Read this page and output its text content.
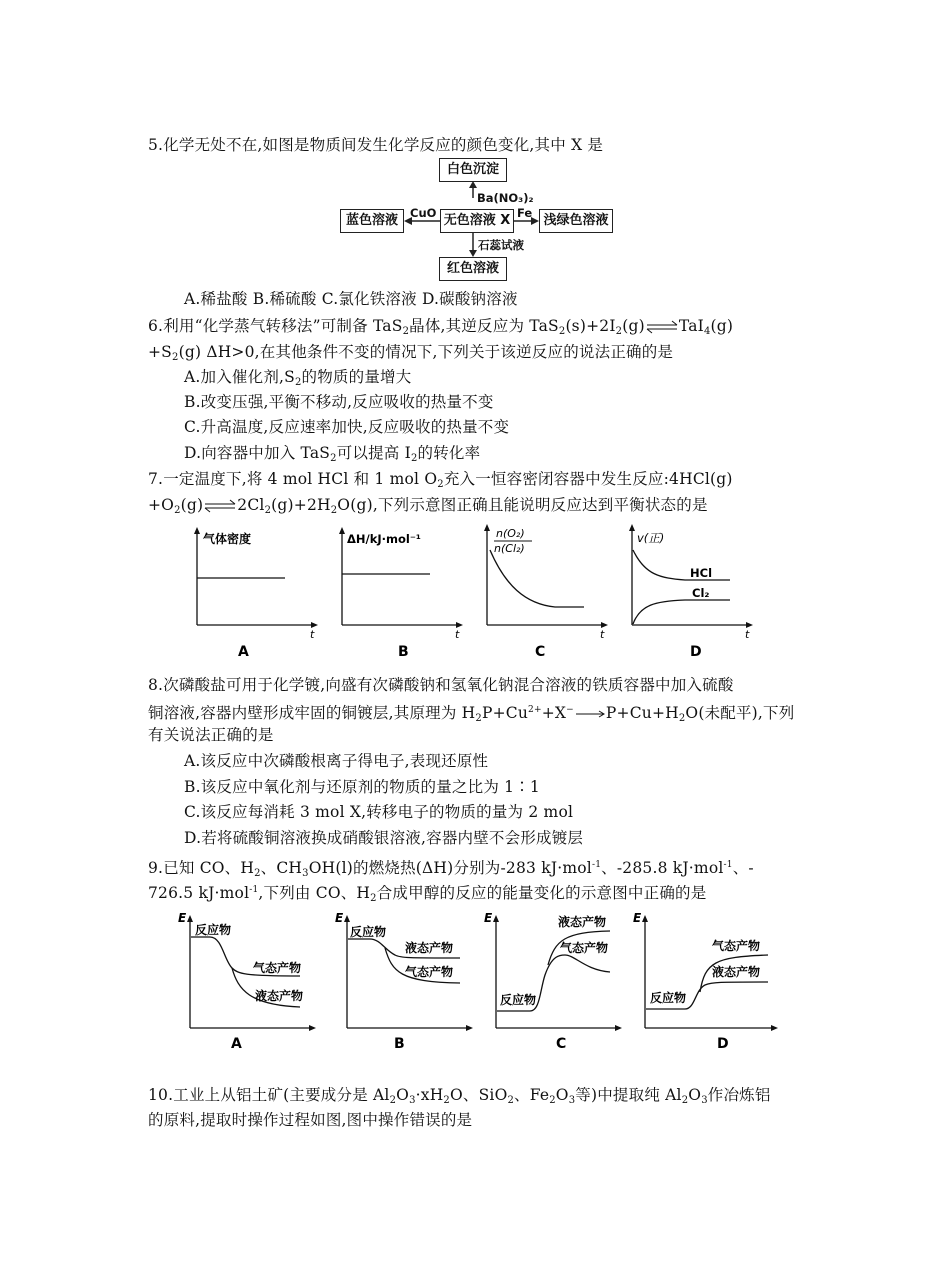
5.化学无处不在,如图是物质间发生化学反应的颜色变化,其中 X 是
白色沉淀
蓝色溶液	无色溶液 X	浅绿色溶液
红色溶液
Ba(NO₃)₂
CuO	Fe
石蕊试液
A.稀盐酸 B.稀硫酸 C.氯化铁溶液 D.碳酸钠溶液
6.利用“化学蒸气转移法”可制备 TaS$_2$晶体,其逆反应为 $TaS_2(s)+2I_2(g)\rightleftharpoons TaI_4(g)$
$+S_2(g)$ ΔH>0,在其他条件不变的情况下,下列关于该逆反应的说法正确的是
A.加入催化剂$,S_2$的物质的量增大
B.改变压强,平衡不移动,反应吸收的热量不变
C.升高温度,反应速率加快,反应吸收的热量不变
D.向容器中加入 TaS$_2$可以提高 $I_2$的转化率
7.一定温度下,将 4 mol HCl 和 1 mol $O_2$充入一恒容密闭容器中发生反应:4HCl(g)
$+O_2(g)\rightleftharpoons 2Cl_2(g)+2H_2O(g)$,下列示意图正确且能说明反应达到平衡状态的是
气体密度
t
A
ΔH/kJ·mol⁻¹
t
B
n(O₂)
n(Cl₂)
t
C
v(正)
HCl
Cl₂
t
D
8.次磷酸盐可用于化学镀,向盛有次磷酸钠和氢氧化钠混合溶液的铁质容器中加入硫酸
铜溶液,容器内壁形成牢固的铜镀层,其原理为 $H_2P+Cu^{2+}+X^-\to P+Cu+H_2O$(未配平),下列
有关说法正确的是
A.该反应中次磷酸根离子得电子,表现还原性
B.该反应中氧化剂与还原剂的物质的量之比为 1∶1
C.该反应每消耗 3 mol X,转移电子的物质的量为 2 mol
D.若将硫酸铜溶液换成硝酸银溶液,容器内壁不会形成镀层
9.已知 CO、$H_2$、$CH_3OH(l)$的燃烧热(ΔH)分别为-283 kJ·mol$^{-1}$、-285.8 kJ·mol$^{-1}$、-
726.5 kJ·mol$^{-1}$,下列由 CO、$H_2$合成甲醇的反应的能量变化的示意图中正确的是
E
反应物
气态产物
液态产物
A
E
反应物
液态产物
气态产物
B
E
反应物
液态产物
气态产物
C
E
反应物
气态产物
液态产物
D
10.工业上从铝土矿(主要成分是 $Al_2O_3\cdot xH_2O$、SiO$_2$、$Fe_2O_3$等)中提取纯 $Al_2O_3$作冶炼铝
的原料,提取时操作过程如图,图中操作错误的是
